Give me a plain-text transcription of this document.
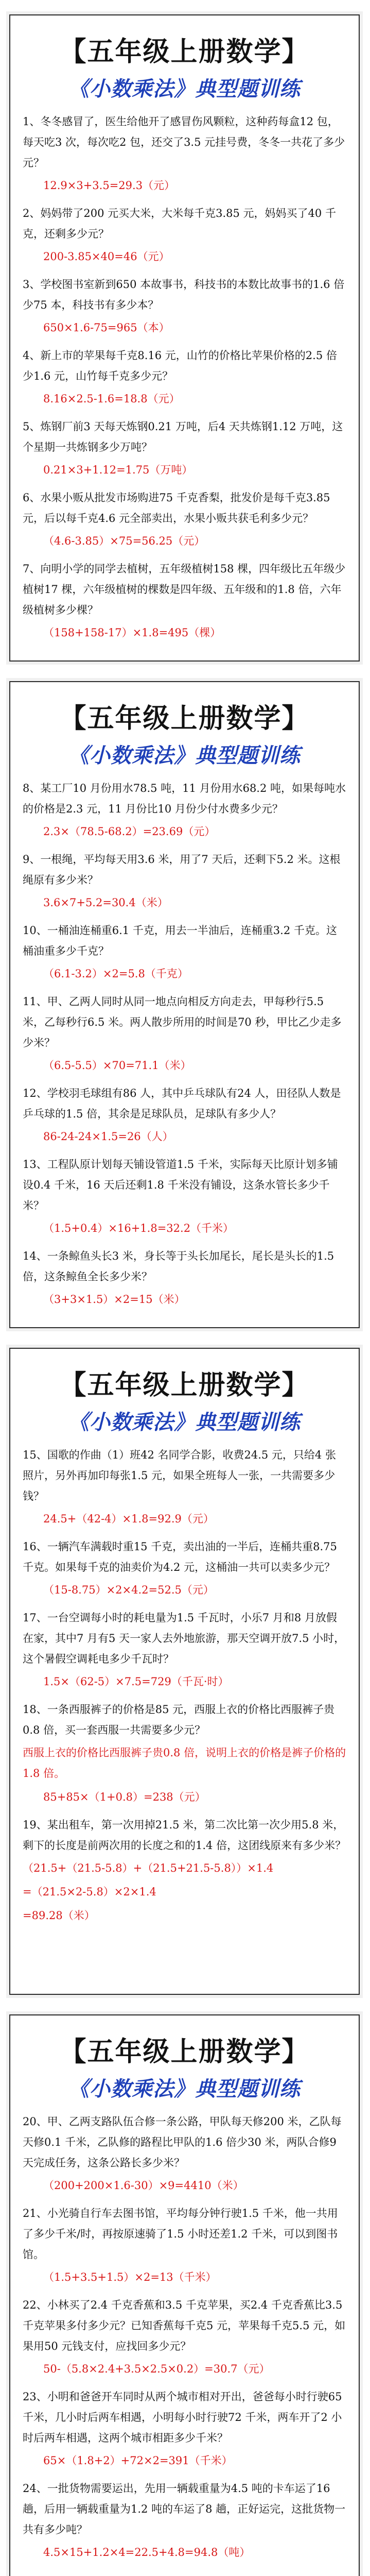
【五年级上册数学】
《小数乘法》典型题训练

1、冬冬感冒了，医生给他开了感冒伤风颗粒，这种药每盒12 包，每天吃3 次，每次吃2 包，还交了3.5 元挂号费，冬冬一共花了多少元？

12.9×3+3.5=29.3（元）

2、妈妈带了200 元买大米，大米每千克3.85 元，妈妈买了40 千克，还剩多少元？

200-3.85×40=46（元）

3、学校图书室新到650 本故事书，科技书的本数比故事书的1.6 倍少75 本，科技书有多少本？

650×1.6-75=965（本）

4、新上市的苹果每千克8.16 元，山竹的价格比苹果价格的2.5 倍少1.6 元，山竹每千克多少元？

8.16×2.5-1.6=18.8（元）

5、炼钢厂前3 天每天炼钢0.21 万吨，后4 天共炼钢1.12 万吨，这个星期一共炼钢多少万吨？

0.21×3+1.12=1.75（万吨）

6、水果小贩从批发市场购进75 千克香梨，批发价是每千克3.85 元，后以每千克4.6 元全部卖出，水果小贩共获毛利多少元？

（4.6-3.85）×75=56.25（元）

7、向明小学的同学去植树，五年级植树158 棵，四年级比五年级少植树17 棵，六年级植树的棵数是四年级、五年级和的1.8 倍，六年级植树多少棵？

（158+158-17）×1.8=495（棵）

【五年级上册数学】
《小数乘法》典型题训练

8、某工厂10 月份用水78.5 吨，11 月份用水68.2 吨，如果每吨水的价格是2.3 元，11 月份比10 月份少付水费多少元？

2.3×（78.5-68.2）=23.69（元）

9、一根绳，平均每天用3.6 米，用了7 天后，还剩下5.2 米。这根绳原有多少米？

3.6×7+5.2=30.4（米）

10、一桶油连桶重6.1 千克，用去一半油后，连桶重3.2 千克。这桶油重多少千克？

（6.1-3.2）×2=5.8（千克）

11、甲、乙两人同时从同一地点向相反方向走去，甲每秒行5.5 米，乙每秒行6.5 米。两人散步所用的时间是70 秒，甲比乙少走多少米？

（6.5-5.5）×70=71.1（米）

12、学校羽毛球组有86 人，其中乒乓球队有24 人，田径队人数是乒乓球的1.5 倍，其余是足球队员，足球队有多少人？

86-24-24×1.5=26（人）

13、工程队原计划每天铺设管道1.5 千米，实际每天比原计划多铺设0.4 千米，16 天后还剩1.8 千米没有铺设，这条水管长多少千米？

（1.5+0.4）×16+1.8=32.2（千米）

14、一条鲸鱼头长3 米，身长等于头长加尾长，尾长是头长的1.5 倍，这条鲸鱼全长多少米？

（3+3×1.5）×2=15（米）

【五年级上册数学】
《小数乘法》典型题训练

15、国歌的作曲（1）班42 名同学合影，收费24.5 元，只给4 张照片，另外再加印每张1.5 元，如果全班每人一张，一共需要多少钱？

24.5+（42-4）×1.8=92.9（元）

16、一辆汽车满载时重15 千克，卖出油的一半后，连桶共重8.75 千克。如果每千克的油卖价为4.2 元，这桶油一共可以卖多少元？

（15-8.75）×2×4.2=52.5（元）

17、一台空调每小时的耗电量为1.5 千瓦时，小乐7 月和8 月放假在家，其中7 月有5 天一家人去外地旅游，那天空调开放7.5 小时，这个暑假空调耗电多少千瓦时？

1.5×（62-5）×7.5=729（千瓦·时）

18、一条西服裤子的价格是85 元，西服上衣的价格比西服裤子贵0.8 倍，买一套西服一共需要多少元？

西服上衣的价格比西服裤子贵0.8 倍，说明上衣的价格是裤子价格的1.8 倍。

85+85×（1+0.8）=238（元）

19、某出租车，第一次用掉21.5 米，第二次比第一次少用5.8 米，剩下的长度是前两次用的长度之和的1.4 倍，这团线原来有多少米？

（21.5+（21.5-5.8）+（21.5+21.5-5.8））×1.4

=（21.5×2-5.8）×2×1.4

=89.28（米）

【五年级上册数学】
《小数乘法》典型题训练

20、甲、乙两支路队伍合修一条公路，甲队每天修200 米，乙队每天修0.1 千米，乙队修的路程比甲队的1.6 倍少30 米，两队合修9 天完成任务，这条公路长多少米？

（200+200×1.6-30）×9=4410（米）

21、小光骑自行车去图书馆，平均每分钟行驶1.5 千米，他一共用了多少千米/时，再按原速骑了1.5 小时还差1.2 千米，可以到图书馆。

（1.5+3.5+1.5）×2=13（千米）

22、小林买了2.4 千克香蕉和3.5 千克苹果，买2.4 千克香蕉比3.5 千克苹果多付多少元？已知香蕉每千克5 元，苹果每千克5.5 元，如果用50 元钱支付，应找回多少元？

50-（5.8×2.4+3.5×2.5×0.2）=30.7（元）

23、小明和爸爸开车同时从两个城市相对开出，爸爸每小时行驶65 千米，几小时后两车相遇，小明每小时行驶72 千米，两车开了2 小时后两车相遇，这两个城市相距多少千米？

65×（1.8+2）+72×2=391（千米）

24、一批货物需要运出，先用一辆载重量为4.5 吨的卡车运了16 趟，后用一辆载重量为1.2 吨的车运了8 趟，正好运完，这批货物一共有多少吨？

4.5×15+1.2×4=22.5+4.8=94.8（吨）
